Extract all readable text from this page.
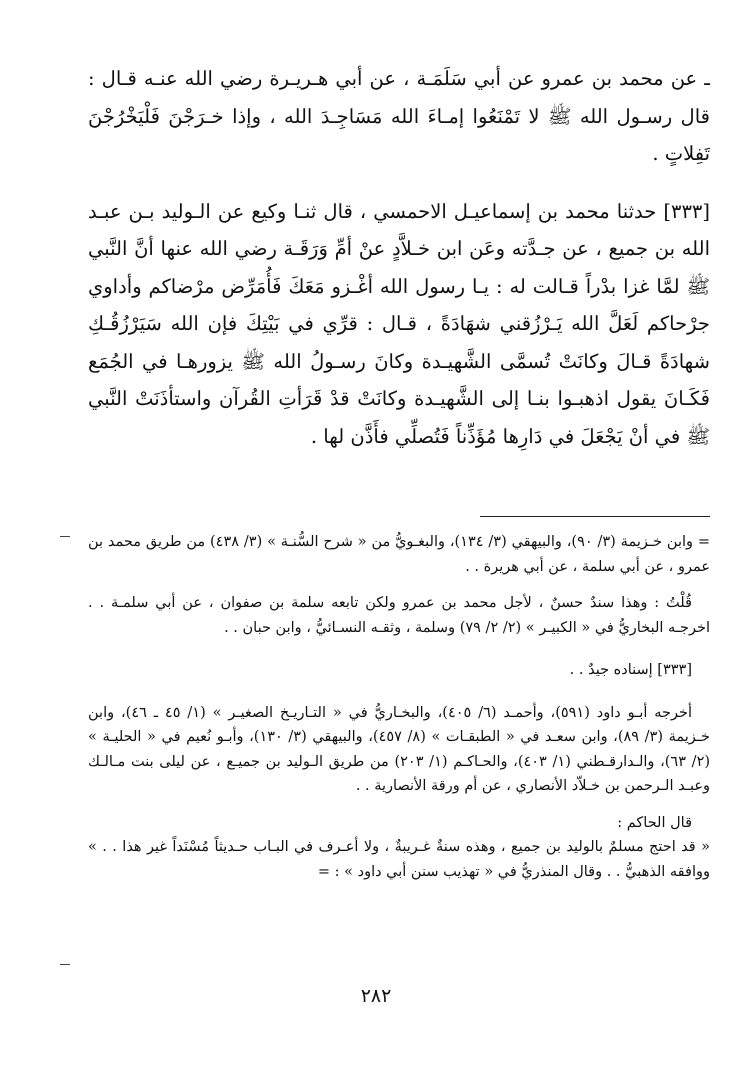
ـ عن محمد بن عمرو عن أبي سَلَمَـة ، عن أبي هـريـرة رضي الله عنـه قـال : قال رسـول الله ﷺ لا تَمْنَعُوا إمـاءَ الله مَسَاجِـدَ الله ، وإذا خـرَجْنَ فَلْيَخْرُجْنَ تَفِلاتٍ .

[٣٣٣] حدثنا محمد بن إسماعيـل الاحمسي ، قال ثنـا وكيع عن الـوليد بـن عبـد الله بن جميع ، عن جـدَّته وعَن ابن خـلاَّدٍ عنْ أمِّ وَرَقَـة رضي الله عنها أنَّ النَّبي ﷺ لمَّا غزا بدْراً قـالت له : يـا رسول الله أغْـزو مَعَكَ فَأُمَرِّض مرْضاكم وأداوي جرْحاكم لَعَلَّ الله يَـرْزُقني شهَادَةً ، قـال : قرِّي في بَيْتِكَ فإن الله سَيَرْزُقُـكِ شهادَةً قـالَ وكانَتْ تُسمَّى الشَّهيـدة وكانَ رسـولُ الله ﷺ يزورهـا في الجُمَع فَكَـانَ يقول اذهبـوا بنـا إلى الشَّهيـدة وكانَتْ قدْ قَرَأتِ القُرآن واستأذَنَتْ النَّبي ﷺ في أنْ يَجْعَلَ في دَارِها مُؤَذِّناً فَتُصلِّي فأَذَّن لها .

= وابن خـزيمة (٣/ ٩٠)، والبيهقي (٣/ ١٣٤)، والبغـويُّ من « شرح السُّنـة » (٣/ ٤٣٨) من طريق محمد بن عمرو ، عن أبي سلمة ، عن أبي هريرة . .

قُلْتُ : وهذا سندٌ حسنٌ ، لأجل محمد بن عمرو ولكن تابعه سلمة بن صفوان ، عن أبي سلمـة . . اخرجـه البخاريُّ في « الكبيـر » (٢/ ٢/ ٧٩) وسلمة ، وثقـه النسـائيُّ ، وابن حبان . .

[٣٣٣] إسناده جيدٌ . .

أخرجه أبـو داود (٥٩١)، وأحمـد (٦/ ٤٠٥)، والبخـاريُّ في « التـاريـخ الصغيـر » (١/ ٤٥ ـ ٤٦)، وابن خـزيمة (٣/ ٨٩)، وابن سعـد في « الطبقـات » (٨/ ٤٥٧)، والبيهقي (٣/ ١٣٠)، وأبـو نُعيم في « الحليـة » (٢/ ٦٣)، والـدارقـطني (١/ ٤٠٣)، والحـاكـم (١/ ٢٠٣) من طريق الـوليد بن جميـع ، عن ليلى بنت مـالـك وعبـد الـرحمن بن خـلاّد الأنصاري ، عن أم ورقة الأنصارية . .

قال الحاكم :

« قد احتج مسلمٌ بالوليد بن جميع ، وهذه سنةٌ غـريبةٌ ، ولا أعـرف في البـاب حـديثاً مُسْنَداً غير هذا . . » ووافقه الذهبيُّ . . وقال المنذريُّ في « تهذيب سنن أبي داود » : =

٢٨٢
